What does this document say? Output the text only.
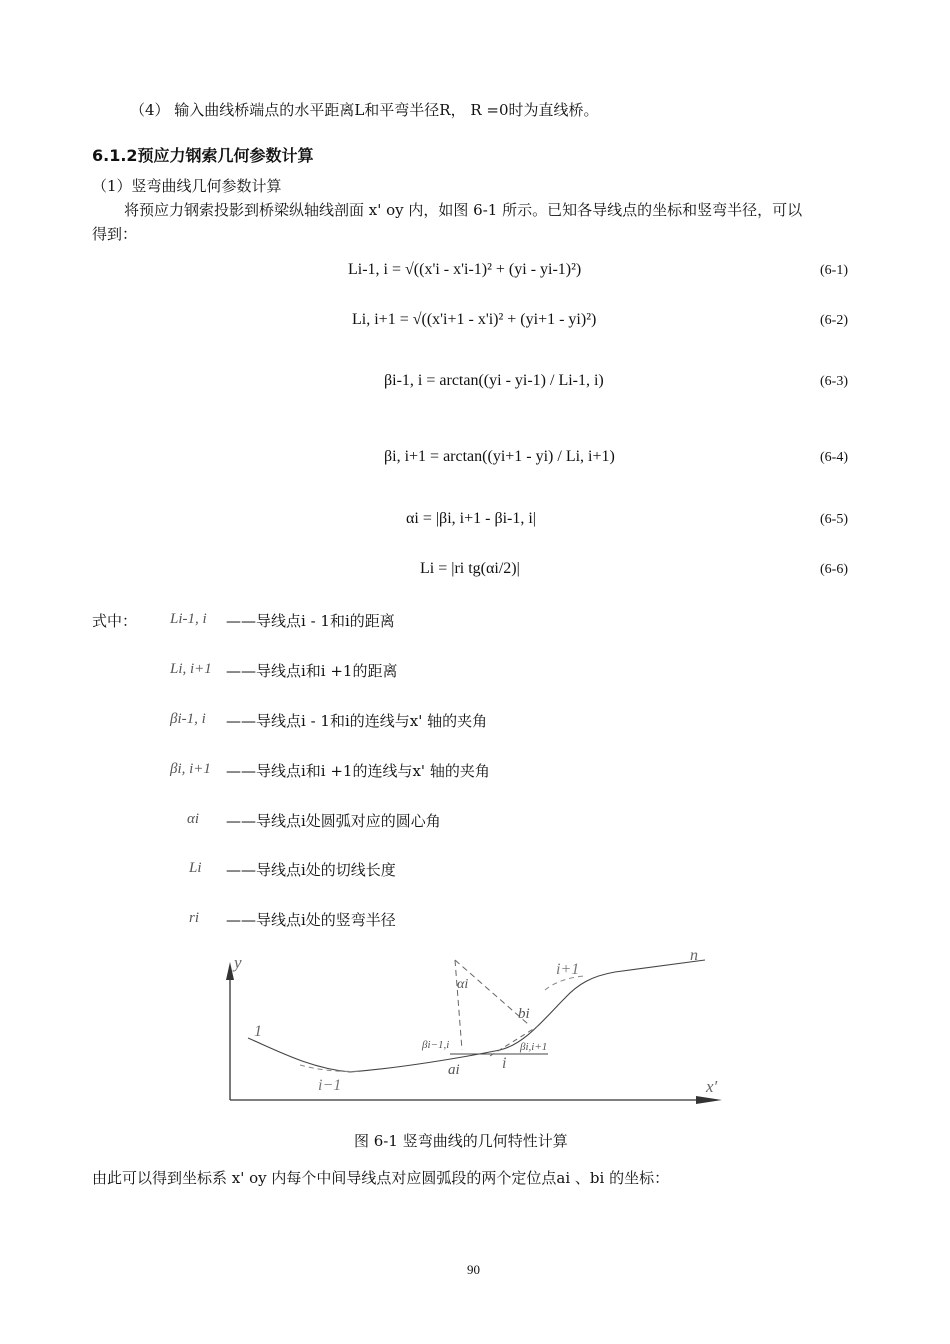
（4） 输入曲线桥端点的水平距离L和平弯半径R， R =0时为直线桥。
6.1.2预应力钢索几何参数计算
（1）竖弯曲线几何参数计算
将预应力钢索投影到桥梁纵轴线剖面 x' oy 内，如图 6-1 所示。已知各导线点的坐标和竖弯半径，可以
得到：
Li-1, i = √((x'i - x'i-1)² + (yi - yi-1)²)	(6-1)
Li, i+1 = √((x'i+1 - x'i)² + (yi+1 - yi)²)	(6-2)
βi-1, i = arctan((yi - yi-1) / Li-1, i)	(6-3)
βi, i+1 = arctan((yi+1 - yi) / Li, i+1)	(6-4)
αi = |βi, i+1 - βi-1, i|	(6-5)
Li = |ri tg(αi/2)|	(6-6)
式中： Li-1, i ——导线点i - 1和i的距离
Li, i+1 ——导线点i和i +1的距离
βi-1, i ——导线点i - 1和i的连线与x' 轴的夹角
βi, i+1 ——导线点i和i +1的连线与x' 轴的夹角
αi ——导线点i处圆弧对应的圆心角
Li ——导线点i处的切线长度
ri ——导线点i处的竖弯半径
y
x′
1
i−1
i
i+1
n
αi
bi
ai
βi−1,i	βi,i+1
图 6-1 竖弯曲线的几何特性计算
由此可以得到坐标系 x' oy 内每个中间导线点对应圆弧段的两个定位点ai 、bi 的坐标：
90
